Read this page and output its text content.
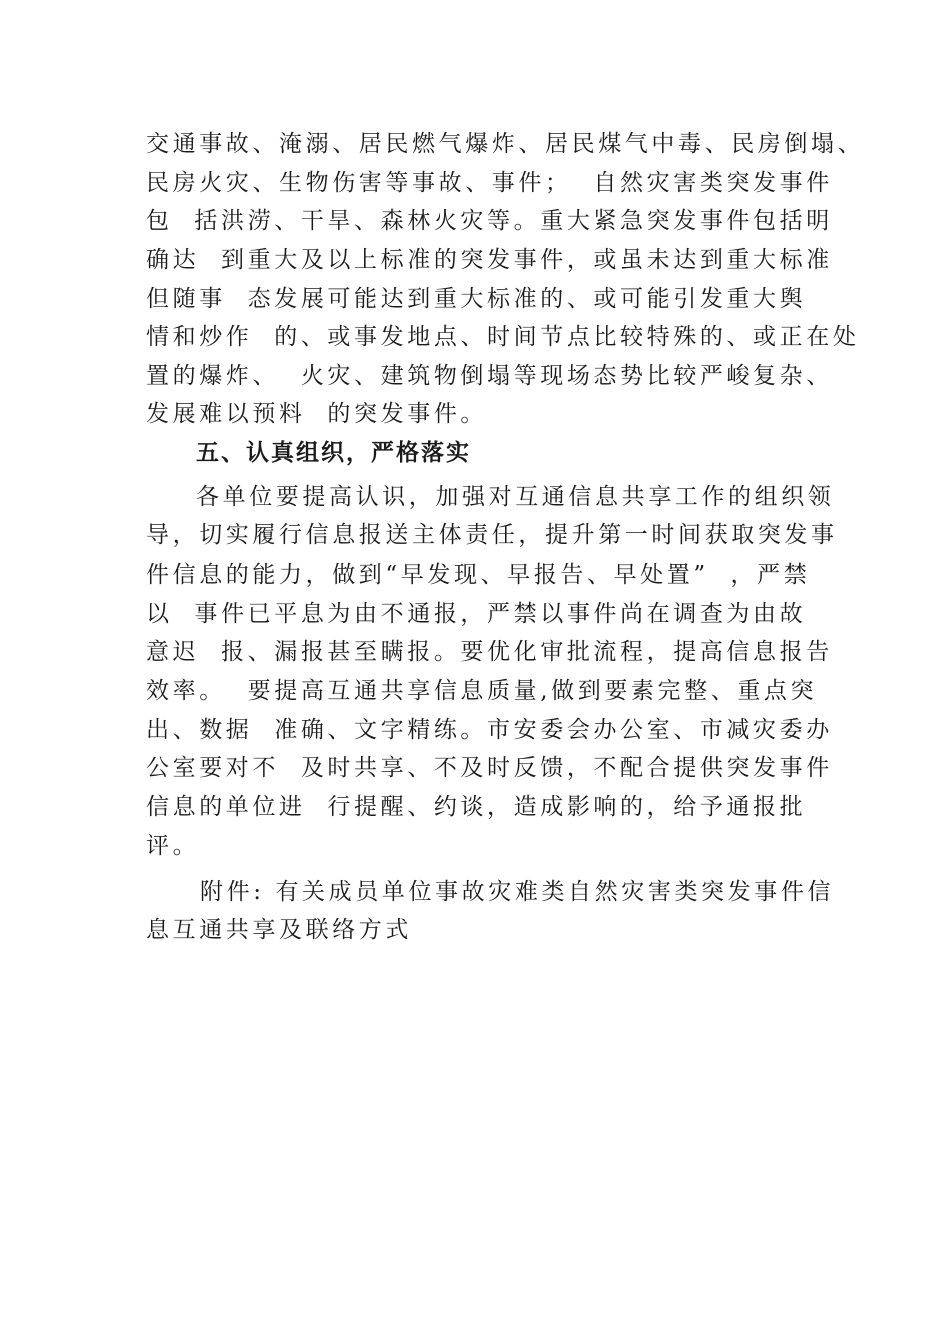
交通事故、淹溺、居民燃气爆炸、居民煤气中毒、民房倒塌、

民房火灾、生物伤害等事故、事件；  自然灾害类突发事件

包  括洪涝、干旱、森林火灾等。重大紧急突发事件包括明

确达  到重大及以上标准的突发事件，或虽未达到重大标准

但随事  态发展可能达到重大标准的、或可能引发重大舆

情和炒作  的、或事发地点、时间节点比较特殊的、或正在处

置的爆炸、  火灾、建筑物倒塌等现场态势比较严峻复杂、

发展难以预料  的突发事件。

五、认真组织，严格落实

各单位要提高认识，加强对互通信息共享工作的组织领

导，切实履行信息报送主体责任，提升第一时间获取突发事

件信息的能力，做到“早发现、早报告、早处置”  ，严禁

以  事件已平息为由不通报，严禁以事件尚在调查为由故

意迟  报、漏报甚至瞒报。要优化审批流程，提高信息报告

效率。  要提高互通共享信息质量,做到要素完整、重点突

出、数据  准确、文字精练。市安委会办公室、市减灾委办

公室要对不  及时共享、不及时反馈，不配合提供突发事件

信息的单位进  行提醒、约谈，造成影响的，给予通报批

评。

附件: 有关成员单位事故灾难类自然灾害类突发事件信

息互通共享及联络方式
